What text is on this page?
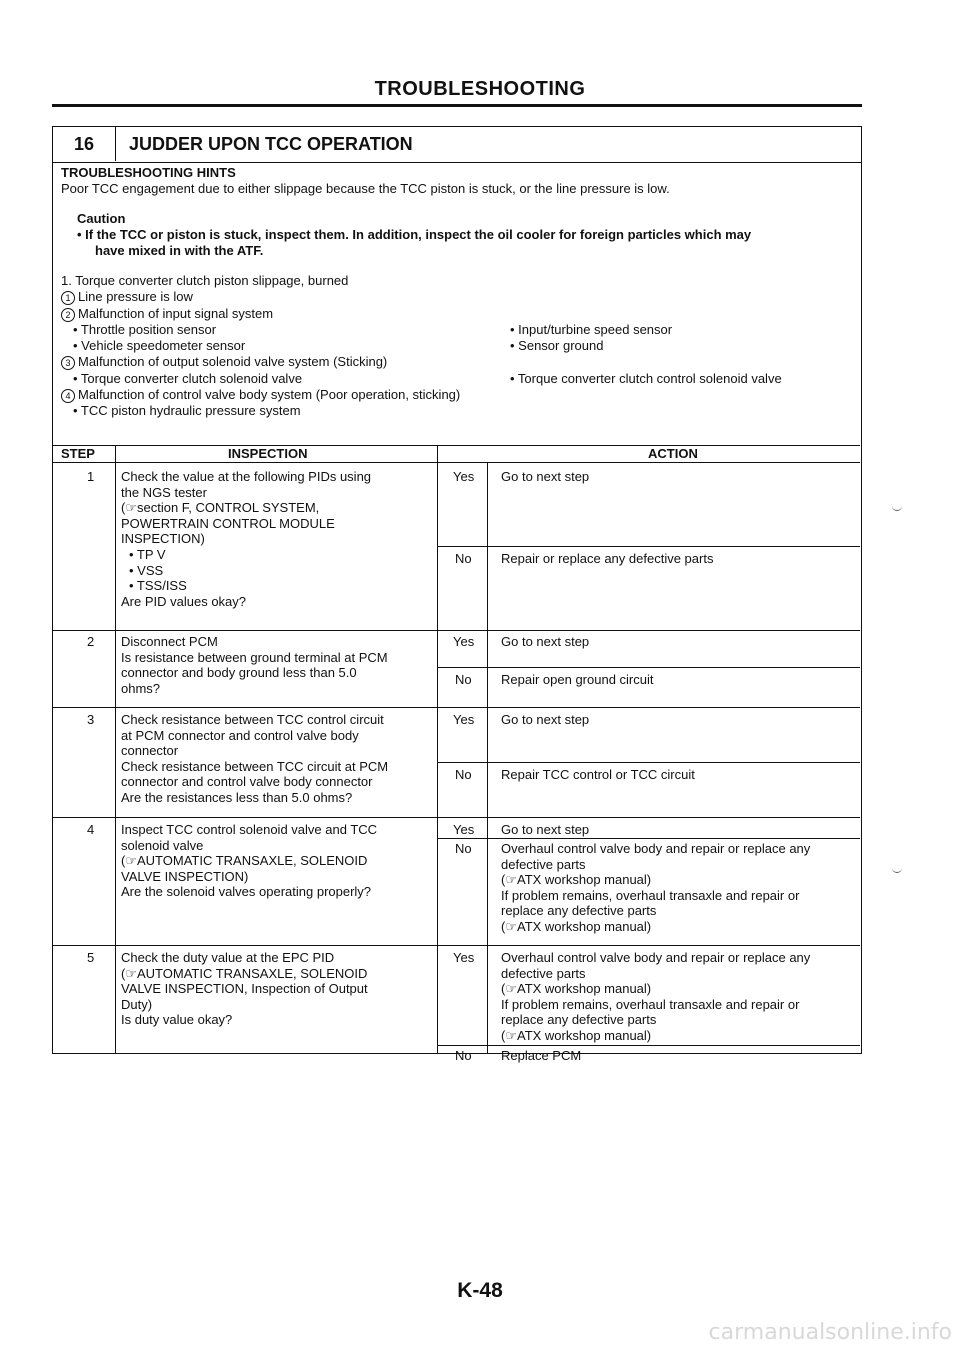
TROUBLESHOOTING
16	JUDDER UPON TCC OPERATION
TROUBLESHOOTING HINTS
Poor TCC engagement due to either slippage because the TCC piston is stuck, or the line pressure is low.
Caution
• If the TCC or piston is stuck, inspect them. In addition, inspect the oil cooler for foreign particles which may
have mixed in with the ATF.
1. Torque converter clutch piston slippage, burned
1 Line pressure is low
2 Malfunction of input signal system
• Throttle position sensor	• Input/turbine speed sensor
• Vehicle speedometer sensor	• Sensor ground
3 Malfunction of output solenoid valve system (Sticking)
• Torque converter clutch solenoid valve	• Torque converter clutch control solenoid valve
4 Malfunction of control valve body system (Poor operation, sticking)
• TCC piston hydraulic pressure system
STEP	INSPECTION	ACTION
1 Check the value at the following PIDs using
the NGS tester
(☞section F, CONTROL SYSTEM,
POWERTRAIN CONTROL MODULE
INSPECTION)
• TP V
• VSS
• TSS/ISS
Are PID values okay?
Yes Go to next step
No Repair or replace any defective parts
2 Disconnect PCM
Is resistance between ground terminal at PCM
connector and body ground less than 5.0
ohms?
Yes Go to next step
No Repair open ground circuit
3 Check resistance between TCC control circuit
at PCM connector and control valve body
connector
Check resistance between TCC circuit at PCM
connector and control valve body connector
Are the resistances less than 5.0 ohms?
Yes Go to next step
No Repair TCC control or TCC circuit
4 Inspect TCC control solenoid valve and TCC
solenoid valve
(☞AUTOMATIC TRANSAXLE, SOLENOID
VALVE INSPECTION)
Are the solenoid valves operating properly?
Yes Go to next step
No Overhaul control valve body and repair or replace any
defective parts
(☞ATX workshop manual)
If problem remains, overhaul transaxle and repair or
replace any defective parts
(☞ATX workshop manual)
5 Check the duty value at the EPC PID
(☞AUTOMATIC TRANSAXLE, SOLENOID
VALVE INSPECTION, Inspection of Output
Duty)
Is duty value okay?
Yes Overhaul control valve body and repair or replace any
defective parts
(☞ATX workshop manual)
If problem remains, overhaul transaxle and repair or
replace any defective parts
(☞ATX workshop manual)
No Replace PCM
K-48
carmanualsonline.info
